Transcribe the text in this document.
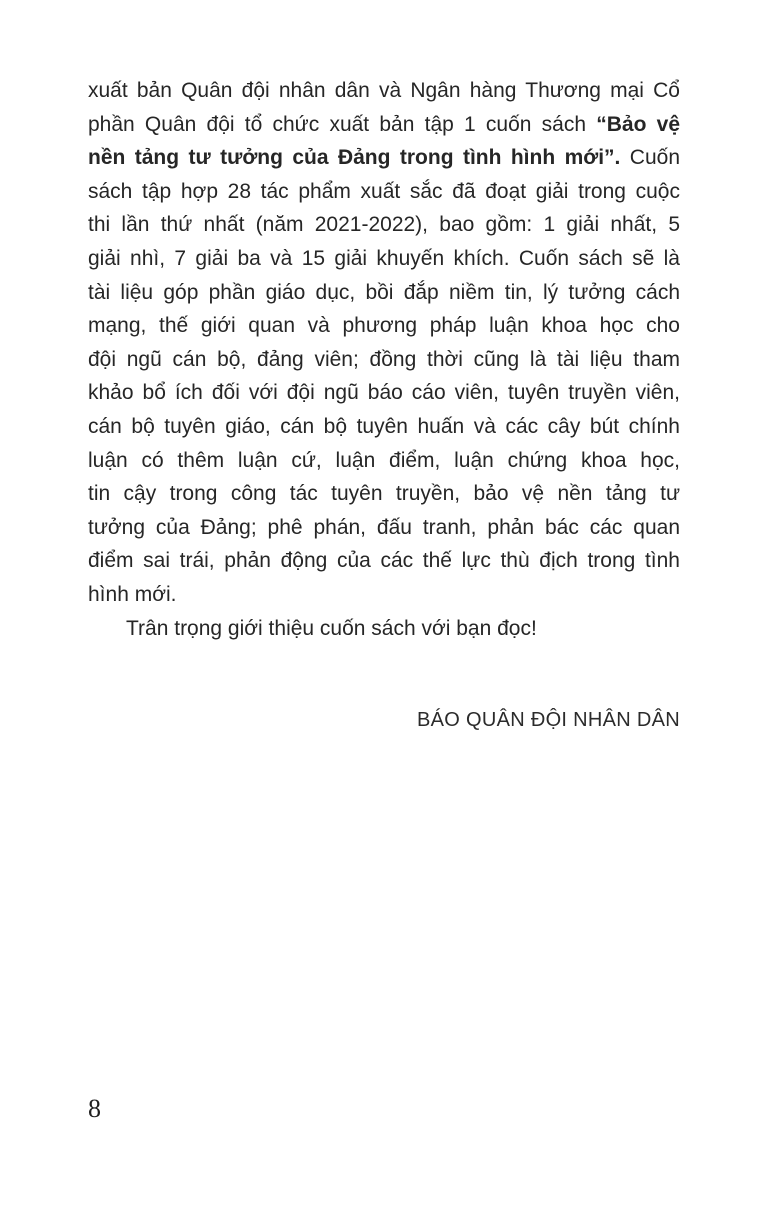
xuất bản Quân đội nhân dân và Ngân hàng Thương mại Cổ
phần Quân đội tổ chức xuất bản tập 1 cuốn sách “Bảo vệ
nền tảng tư tưởng của Đảng trong tình hình mới”. Cuốn
sách tập hợp 28 tác phẩm xuất sắc đã đoạt giải trong cuộc
thi lần thứ nhất (năm 2021-2022), bao gồm: 1 giải nhất, 5
giải nhì, 7 giải ba và 15 giải khuyến khích. Cuốn sách sẽ là
tài liệu góp phần giáo dục, bồi đắp niềm tin, lý tưởng cách
mạng, thế giới quan và phương pháp luận khoa học cho
đội ngũ cán bộ, đảng viên; đồng thời cũng là tài liệu tham
khảo bổ ích đối với đội ngũ báo cáo viên, tuyên truyền viên,
cán bộ tuyên giáo, cán bộ tuyên huấn và các cây bút chính
luận có thêm luận cứ, luận điểm, luận chứng khoa học,
tin cậy trong công tác tuyên truyền, bảo vệ nền tảng tư
tưởng của Đảng; phê phán, đấu tranh, phản bác các quan
điểm sai trái, phản động của các thế lực thù địch trong tình
hình mới.

Trân trọng giới thiệu cuốn sách với bạn đọc!

BÁO QUÂN ĐỘI NHÂN DÂN
8
